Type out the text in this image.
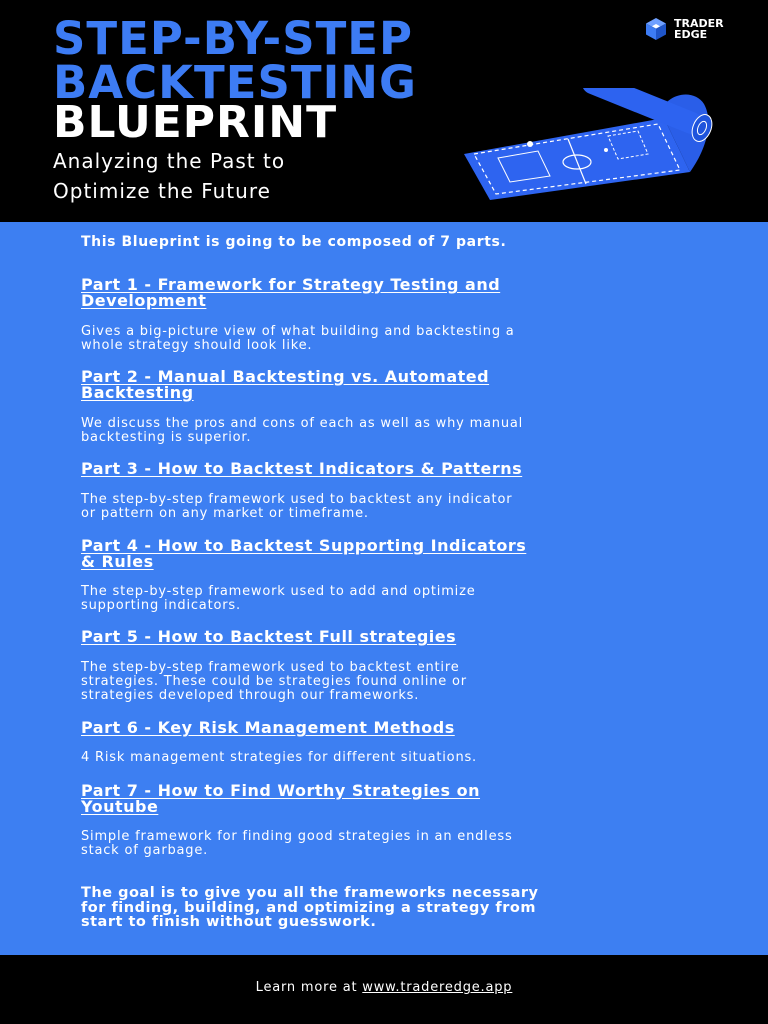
STEP-BY-STEP
BACKTESTING
BLUEPRINT
Analyzing the Past to
Optimize the Future
TRADER
EDGE
This Blueprint is going to be composed of 7 parts.
Part 1 - Framework for Strategy Testing and
Development
Gives a big-picture view of what building and backtesting a
whole strategy should look like.
Part 2 - Manual Backtesting vs. Automated
Backtesting
We discuss the pros and cons of each as well as why manual
backtesting is superior.
Part 3 - How to Backtest Indicators & Patterns
The step-by-step framework used to backtest any indicator
or pattern on any market or timeframe.
Part 4 - How to Backtest Supporting Indicators
& Rules
The step-by-step framework used to add and optimize
supporting indicators.
Part 5 - How to Backtest Full strategies
The step-by-step framework used to backtest entire
strategies. These could be strategies found online or
strategies developed through our frameworks.
Part 6 - Key Risk Management Methods
4 Risk management strategies for different situations.
Part 7 - How to Find Worthy Strategies on
Youtube
Simple framework for finding good strategies in an endless
stack of garbage.
The goal is to give you all the frameworks necessary
for finding, building, and optimizing a strategy from
start to finish without guesswork.
Learn more at www.traderedge.app
